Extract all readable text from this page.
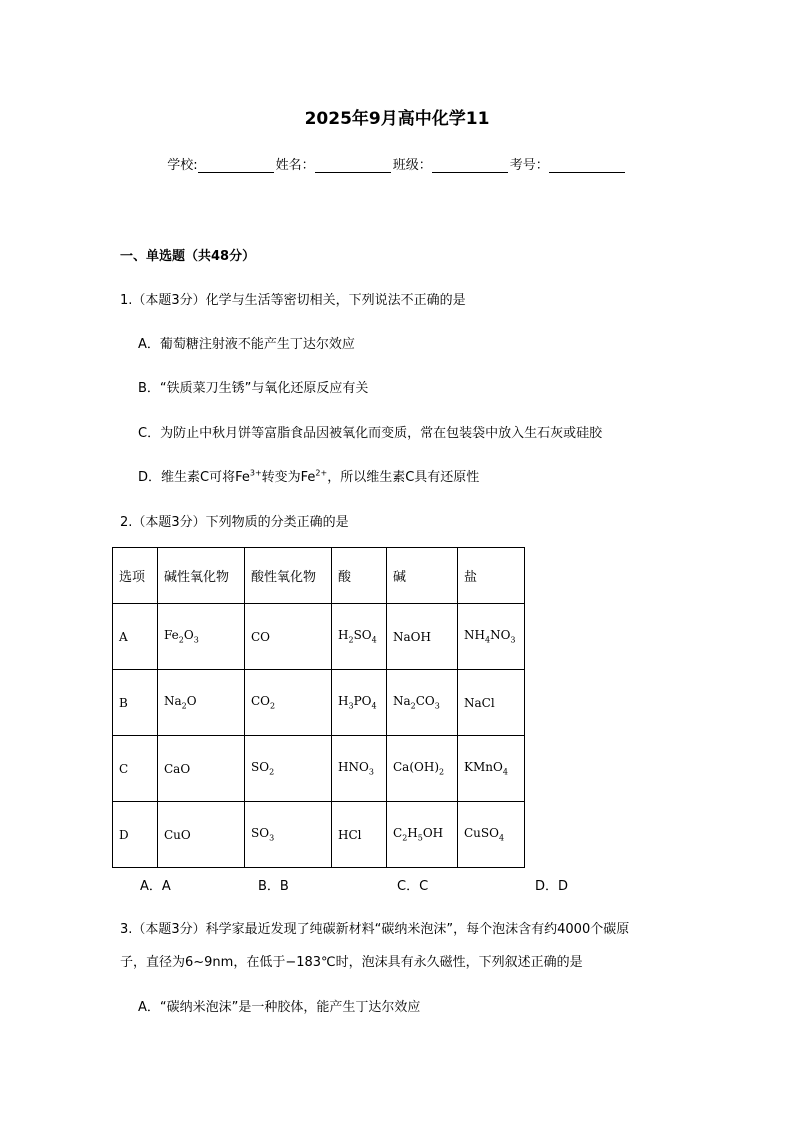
2025年9月高中化学11
学校:	姓名：	班级：	考号：
一、单选题（共48分）
1.（本题3分）化学与生活等密切相关，下列说法不正确的是
A．葡萄糖注射液不能产生丁达尔效应
B．“铁质菜刀生锈”与氧化还原反应有关
C．为防止中秋月饼等富脂食品因被氧化而变质，常在包装袋中放入生石灰或硅胶
D．维生素C可将$Fe^{3+}$转变为$Fe^{2+}$，所以维生素C具有还原性
2.（本题3分）下列物质的分类正确的是
选项	碱性氧化物	酸性氧化物	酸	碱	盐
A	$Fe_2O_3$	CO	$H_2SO_4$	NaOH	$NH_4NO_3$
B	$Na_2O$	$CO_2$	$H_3PO_4$	$Na_2CO_3$	NaCl
C	CaO	$SO_2$	$HNO_3$	$Ca(OH)_2$	KMnO$_4$
D	CuO	$SO_3$	HCl	$C_2H_5OH$	CuSO$_4$
A．A	B．B	C．C	D．D
3.（本题3分）科学家最近发现了纯碳新材料“碳纳米泡沫”，每个泡沫含有约4000个碳原
子，直径为6~9nm，在低于−183℃时，泡沫具有永久磁性，下列叙述正确的是
A．“碳纳米泡沫”是一种胶体，能产生丁达尔效应
